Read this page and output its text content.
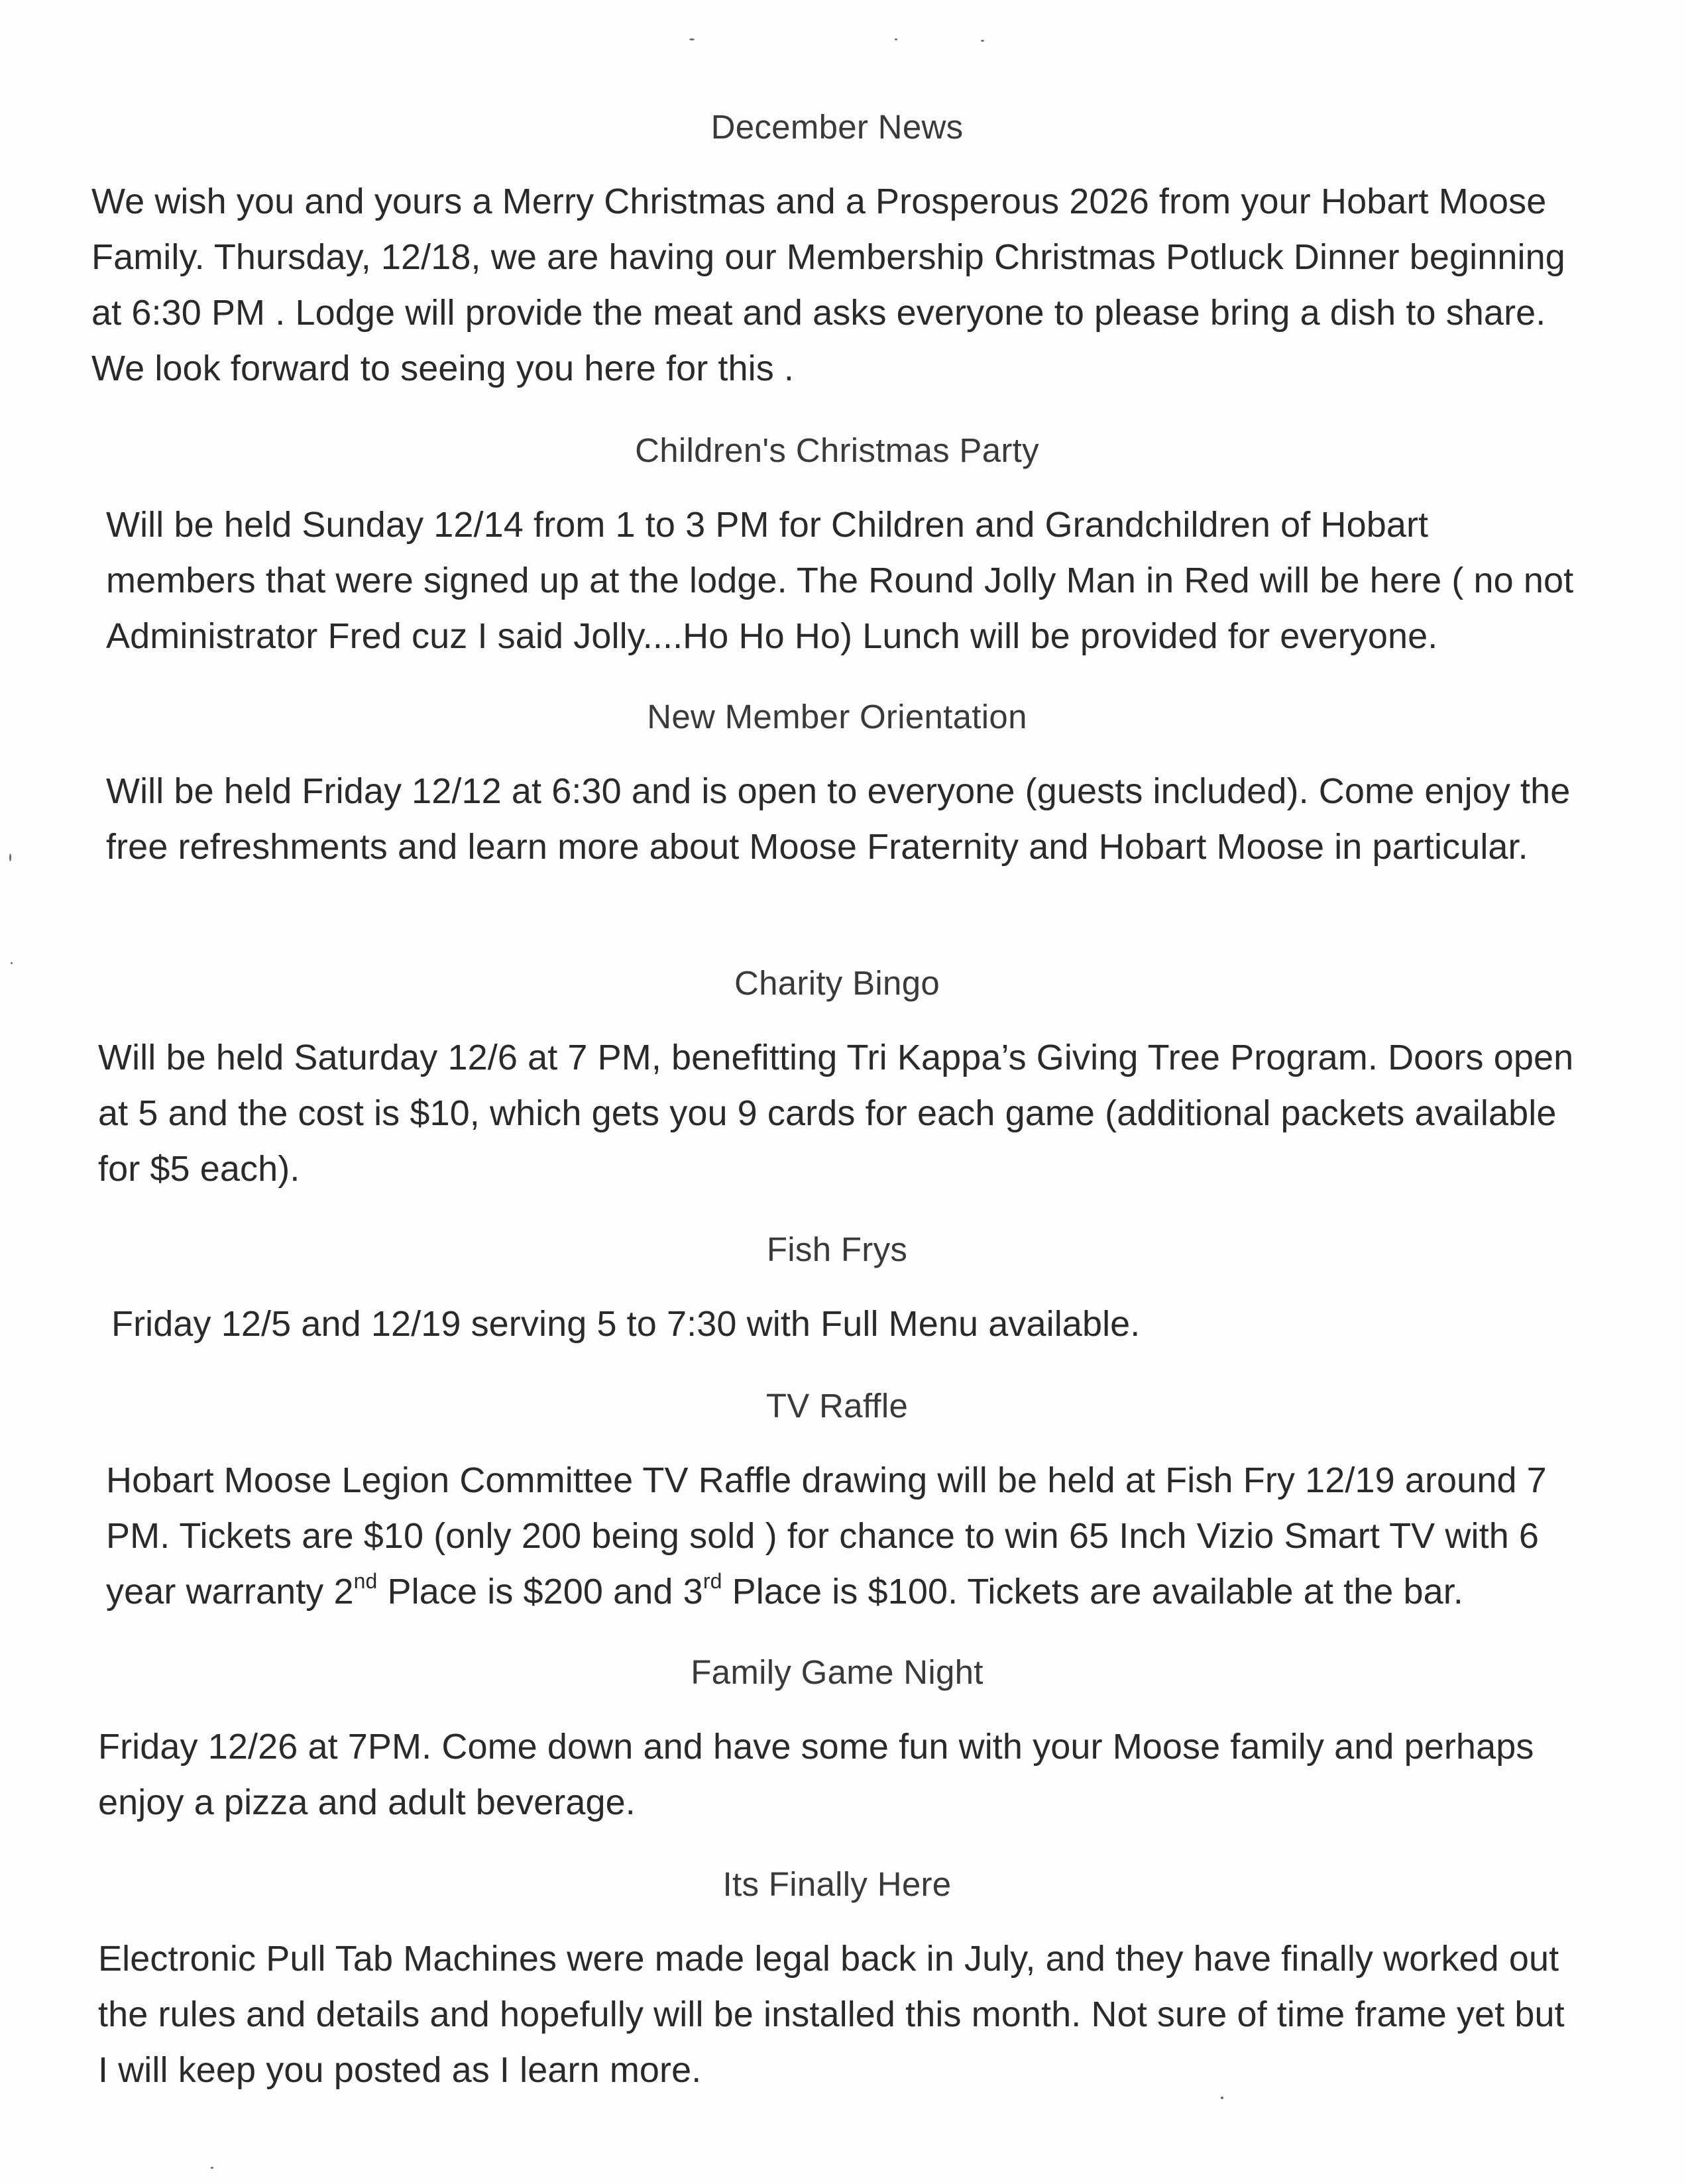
December News

We wish you and yours a Merry Christmas and a Prosperous 2026 from your Hobart Moose Family. Thursday, 12/18, we are having our Membership Christmas Potluck Dinner beginning at 6:30 PM . Lodge will provide the meat and asks everyone to please bring a dish to share. We look forward to seeing you here for this .

Children's Christmas Party

Will be held Sunday 12/14 from 1 to 3 PM for Children and Grandchildren of Hobart members that were signed up at the lodge. The Round Jolly Man in Red will be here ( no not Administrator Fred cuz I said Jolly....Ho Ho Ho) Lunch will be provided for everyone.

New Member Orientation

Will be held Friday 12/12 at 6:30 and is open to everyone (guests included). Come enjoy the free refreshments and learn more about Moose Fraternity and Hobart Moose in particular.

Charity Bingo

Will be held Saturday 12/6 at 7 PM, benefitting Tri Kappa’s Giving Tree Program. Doors open at 5 and the cost is $10, which gets you 9 cards for each game (additional packets available for $5 each).

Fish Frys

Friday 12/5 and 12/19 serving 5 to 7:30 with Full Menu available.

TV Raffle

Hobart Moose Legion Committee TV Raffle drawing will be held at Fish Fry 12/19 around 7 PM. Tickets are $10 (only 200 being sold ) for chance to win 65 Inch Vizio Smart TV with 6 year warranty 2nd Place is $200 and 3rd Place is $100. Tickets are available at the bar.

Family Game Night

Friday 12/26 at 7PM. Come down and have some fun with your Moose family and perhaps enjoy a pizza and adult beverage.

Its Finally Here

Electronic Pull Tab Machines were made legal back in July, and they have finally worked out the rules and details and hopefully will be installed this month. Not sure of time frame yet but I will keep you posted as I learn more.
